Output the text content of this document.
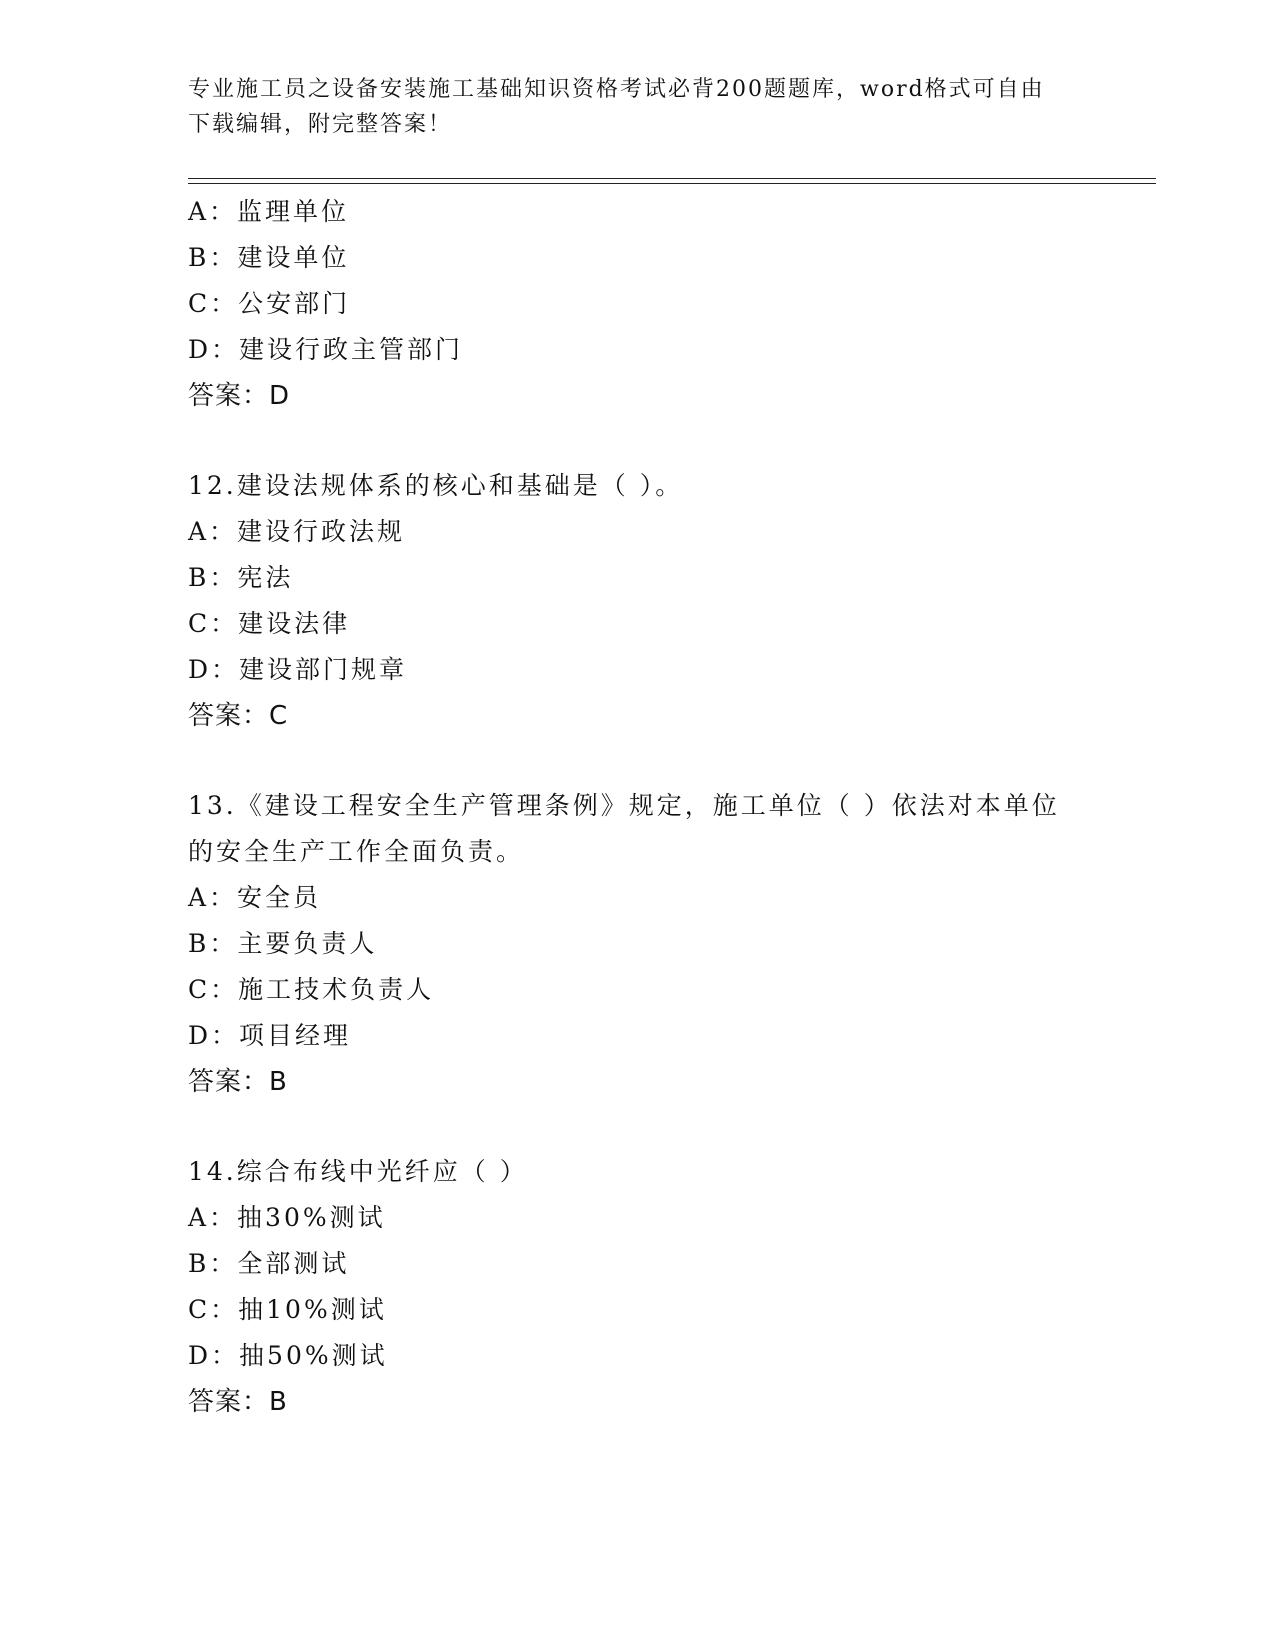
专业施工员之设备安装施工基础知识资格考试必背200题题库，word格式可自由下载编辑，附完整答案！
A：监理单位
B：建设单位
C：公安部门
D：建设行政主管部门
答案：D
12.建设法规体系的核心和基础是（ ）。
A：建设行政法规
B：宪法
C：建设法律
D：建设部门规章
答案：C
13.《建设工程安全生产管理条例》规定，施工单位（ ）依法对本单位的安全生产工作全面负责。
A：安全员
B：主要负责人
C：施工技术负责人
D：项目经理
答案：B
14.综合布线中光纤应（ ）
A：抽30%测试
B：全部测试
C：抽10%测试
D：抽50%测试
答案：B
